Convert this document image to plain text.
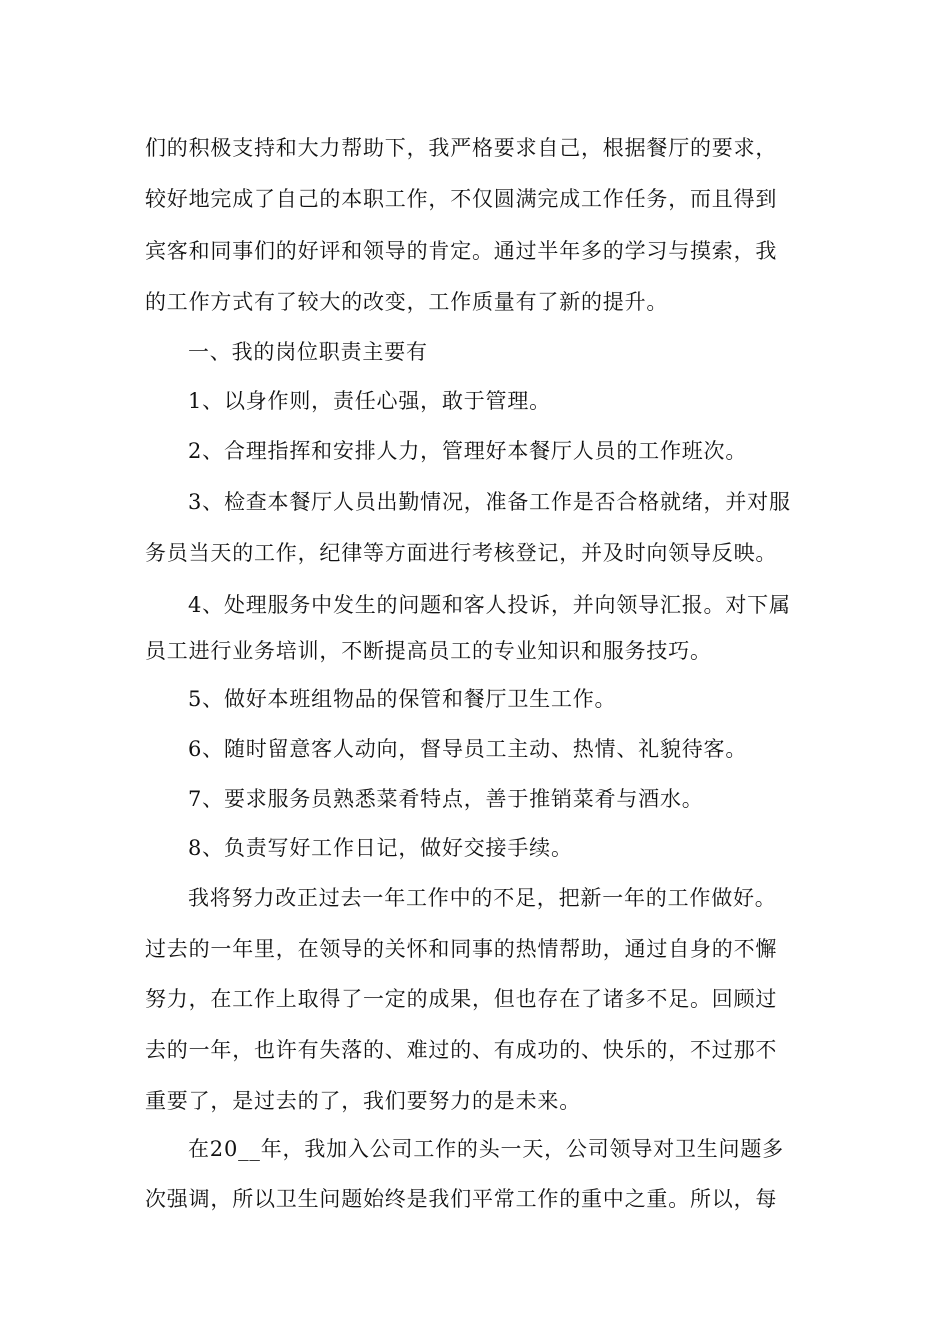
们的积极支持和大力帮助下，我严格要求自己，根据餐厅的要求，
较好地完成了自己的本职工作，不仅圆满完成工作任务，而且得到
宾客和同事们的好评和领导的肯定。通过半年多的学习与摸索，我
的工作方式有了较大的改变，工作质量有了新的提升。
一、我的岗位职责主要有
1、以身作则，责任心强，敢于管理。
2、合理指挥和安排人力，管理好本餐厅人员的工作班次。
3、检查本餐厅人员出勤情况，准备工作是否合格就绪，并对服
务员当天的工作，纪律等方面进行考核登记，并及时向领导反映。
4、处理服务中发生的问题和客人投诉，并向领导汇报。对下属
员工进行业务培训，不断提高员工的专业知识和服务技巧。
5、做好本班组物品的保管和餐厅卫生工作。
6、随时留意客人动向，督导员工主动、热情、礼貌待客。
7、要求服务员熟悉菜肴特点，善于推销菜肴与酒水。
8、负责写好工作日记，做好交接手续。
我将努力改正过去一年工作中的不足，把新一年的工作做好。
过去的一年里，在领导的关怀和同事的热情帮助，通过自身的不懈
努力，在工作上取得了一定的成果，但也存在了诸多不足。回顾过
去的一年，也许有失落的、难过的、有成功的、快乐的，不过那不
重要了，是过去的了，我们要努力的是未来。
在20__年，我加入公司工作的头一天，公司领导对卫生问题多
次强调，所以卫生问题始终是我们平常工作的重中之重。所以，每
